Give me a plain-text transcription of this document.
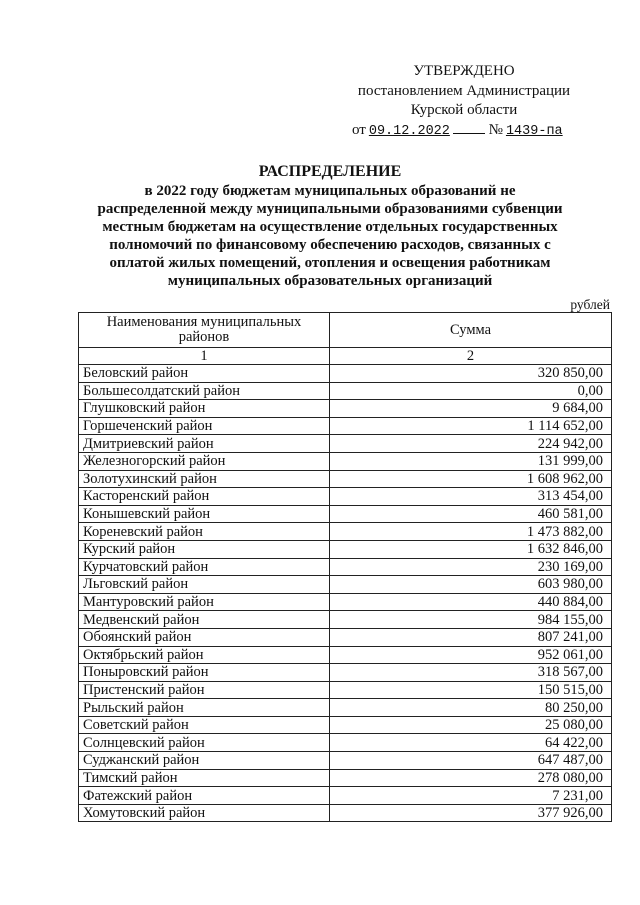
УТВЕРЖДЕНО
постановлением Администрации
Курской области
от 09.12.2022	№ 1439-па
РАСПРЕДЕЛЕНИЕ
в 2022 году бюджетам муниципальных образований не
распределенной между муниципальными образованиями субвенции
местным бюджетам на осуществление отдельных государственных
полномочий по финансовому обеспечению расходов, связанных с
оплатой жилых помещений, отопления и освещения работникам
муниципальных образовательных организаций
рублей
Наименования муниципальных районов	Сумма
1	2
Беловский район	320 850,00
Большесолдатский район	0,00
Глушковский район	9 684,00
Горшеченский район	1 114 652,00
Дмитриевский район	224 942,00
Железногорский район	131 999,00
Золотухинский район	1 608 962,00
Касторенский район	313 454,00
Конышевский район	460 581,00
Кореневский район	1 473 882,00
Курский район	1 632 846,00
Курчатовский район	230 169,00
Льговский район	603 980,00
Мантуровский район	440 884,00
Медвенский район	984 155,00
Обоянский район	807 241,00
Октябрьский район	952 061,00
Поныровский район	318 567,00
Пристенский район	150 515,00
Рыльский район	80 250,00
Советский район	25 080,00
Солнцевский район	64 422,00
Суджанский район	647 487,00
Тимский район	278 080,00
Фатежский район	7 231,00
Хомутовский район	377 926,00
